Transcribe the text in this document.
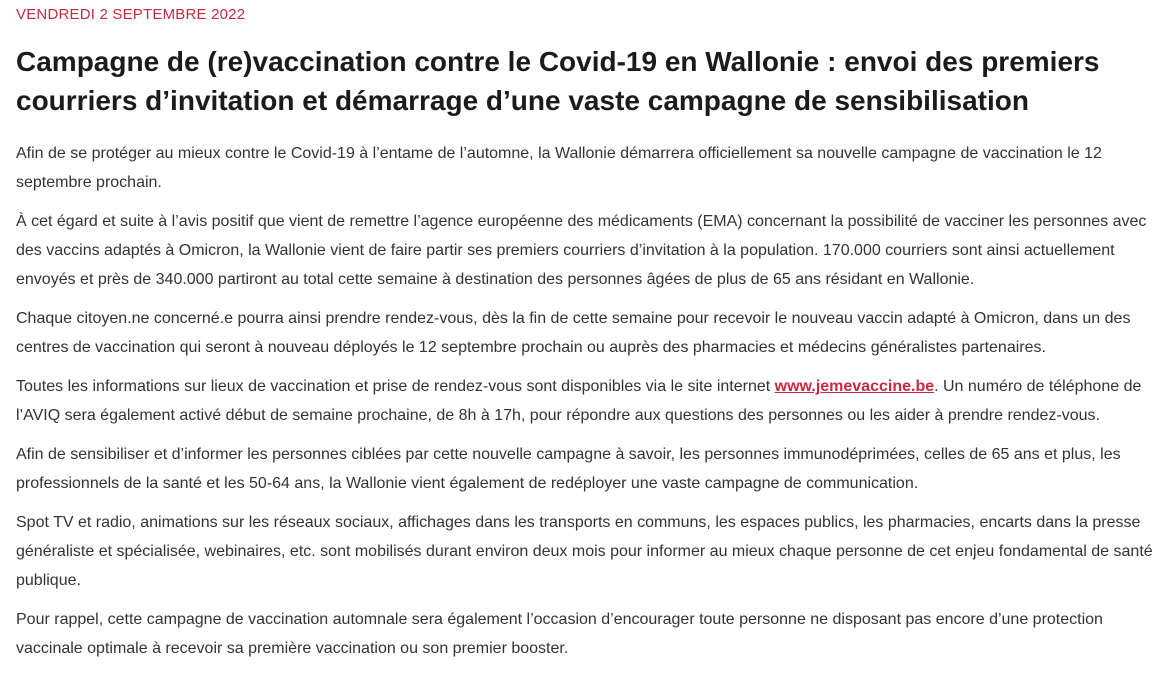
VENDREDI 2 SEPTEMBRE 2022
Campagne de (re)vaccination contre le Covid-19 en Wallonie : envoi des premiers courriers d’invitation et démarrage d’une vaste campagne de sensibilisation

Afin de se protéger au mieux contre le Covid-19 à l’entame de l’automne, la Wallonie démarrera officiellement sa nouvelle campagne de vaccination le 12 septembre prochain.

À cet égard et suite à l’avis positif que vient de remettre l’agence européenne des médicaments (EMA) concernant la possibilité de vacciner les personnes avec des vaccins adaptés à Omicron, la Wallonie vient de faire partir ses premiers courriers d’invitation à la population. 170.000 courriers sont ainsi actuellement envoyés et près de 340.000 partiront au total cette semaine à destination des personnes âgées de plus de 65 ans résidant en Wallonie.

Chaque citoyen.ne concerné.e pourra ainsi prendre rendez-vous, dès la fin de cette semaine pour recevoir le nouveau vaccin adapté à Omicron, dans un des centres de vaccination qui seront à nouveau déployés le 12 septembre prochain ou auprès des pharmacies et médecins généralistes partenaires.

Toutes les informations sur lieux de vaccination et prise de rendez-vous sont disponibles via le site internet www.jemevaccine.be. Un numéro de téléphone de l’AVIQ sera également activé début de semaine prochaine, de 8h à 17h, pour répondre aux questions des personnes ou les aider à prendre rendez-vous.

Afin de sensibiliser et d’informer les personnes ciblées par cette nouvelle campagne à savoir, les personnes immunodéprimées, celles de 65 ans et plus, les professionnels de la santé et les 50-64 ans, la Wallonie vient également de redéployer une vaste campagne de communication.

Spot TV et radio, animations sur les réseaux sociaux, affichages dans les transports en communs, les espaces publics, les pharmacies, encarts dans la presse généraliste et spécialisée, webinaires, etc. sont mobilisés durant environ deux mois pour informer au mieux chaque personne de cet enjeu fondamental de santé publique.

Pour rappel, cette campagne de vaccination automnale sera également l’occasion d’encourager toute personne ne disposant pas encore d’une protection vaccinale optimale à recevoir sa première vaccination ou son premier booster.
